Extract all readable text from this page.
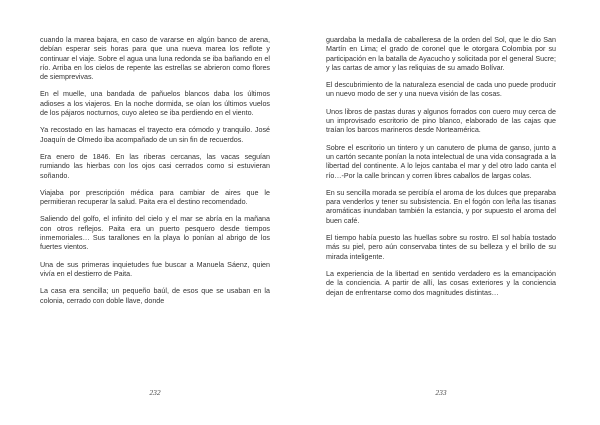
cuando la marea bajara, en caso de vararse en algún banco de arena, debían esperar seis horas para que una nueva marea los reflote y continuar el viaje. Sobre el agua una luna redonda se iba bañando en el río. Arriba en los cielos de repente las estrellas se abrieron como flores de siemprevivas.

En el muelle, una bandada de pañuelos blancos daba los últimos adioses a los viajeros. En la noche dormida, se oían los últimos vuelos de los pájaros nocturnos, cuyo aleteo se iba perdiendo en el viento.

Ya recostado en las hamacas el trayecto era cómodo y tranquilo. José Joaquín de Olmedo iba acompañado de un sin fin de recuerdos.

Era enero de 1846. En las riberas cercanas, las vacas seguían rumiando las hierbas con los ojos casi cerrados como si estuvieran soñando.

Viajaba por prescripción médica para cambiar de aires que le permitieran recuperar la salud. Paita era el destino recomendado.

Saliendo del golfo, el infinito del cielo y el mar se abría en la mañana con otros reflejos. Paita era un puerto pesquero desde tiempos inmemoriales… Sus tarallones en la playa lo ponían al abrigo de los fuertes vientos.

Una de sus primeras inquietudes fue buscar a Manuela Sáenz, quien vivía en el destierro de Paita.

La casa era sencilla; un pequeño baúl, de esos que se usaban en la colonia, cerrado con doble llave, donde

232

guardaba la medalla de caballeresa de la orden del Sol, que le dio San Martín en Lima; el grado de coronel que le otorgara Colombia por su participación en la batalla de Ayacucho y solicitada por el general Sucre; y las cartas de amor y las reliquias de su amado Bolívar.

El descubrimiento de la naturaleza esencial de cada uno puede producir un nuevo modo de ser y una nueva visión de las cosas.

Unos libros de pastas duras y algunos forrados con cuero muy cerca de un improvisado escritorio de pino blanco, elaborado de las cajas que traían los barcos marineros desde Norteamérica.

Sobre el escritorio un tintero y un canutero de pluma de ganso, junto a un cartón secante ponían la nota intelectual de una vida consagrada a la libertad del continente. A lo lejos cantaba el mar y del otro lado canta el río…-Por la calle brincan y corren libres caballos de largas colas.

En su sencilla morada se percibía el aroma de los dulces que preparaba para venderlos y tener su subsistencia. En el fogón con leña las tisanas aromáticas inundaban también la estancia, y por supuesto el aroma del buen café.

El tiempo había puesto las huellas sobre su rostro. El sol había tostado más su piel, pero aún conservaba tintes de su belleza y el brillo de su mirada inteligente.

La experiencia de la libertad en sentido verdadero es la emancipación de la conciencia. A partir de allí, las cosas exteriores y la conciencia dejan de enfrentarse como dos magnitudes distintas…

233
